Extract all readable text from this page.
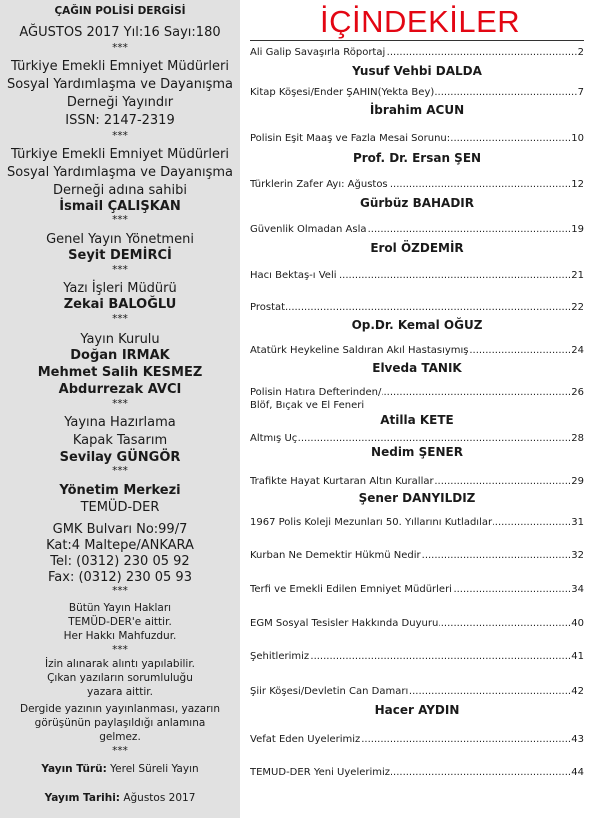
ÇAĞIN POLİSİ DERGİSİ
AĞUSTOS 2017 Yıl:16 Sayı:180
***
Türkiye Emekli Emniyet Müdürleri
Sosyal Yardımlaşma ve Dayanışma
Derneği Yayındır
ISSN: 2147-2319
***
Türkiye Emekli Emniyet Müdürleri
Sosyal Yardımlaşma ve Dayanışma
Derneği adına sahibi
İsmail ÇALIŞKAN
***
Genel Yayın Yönetmeni
Seyit DEMİRCİ
***
Yazı İşleri Müdürü
Zekai BALOĞLU
***
Yayın Kurulu
Doğan IRMAK
Mehmet Salih KESMEZ
Abdurrezak AVCI
***
Yayına Hazırlama
Kapak Tasarım
Sevilay GÜNGÖR
***
Yönetim Merkezi
TEMÜD-DER
GMK Bulvarı No:99/7
Kat:4 Maltepe/ANKARA
Tel: (0312) 230 05 92
Fax: (0312) 230 05 93
***
Bütün Yayın Hakları
TEMÜD-DER'e aittir.
Her Hakkı Mahfuzdur.
***
İzin alınarak alıntı yapılabilir.
Çıkan yazıların sorumluluğu
yazara aittir.
Dergide yazının yayınlanması, yazarın
görüşünün paylaşıldığı anlamına
gelmez.
***
Yayın Türü: Yerel Süreli Yayın
Yayım Tarihi: Ağustos 2017
İÇİNDEKİLER
Ali Galip Savaşırla Röportaj	2
.....
Yusuf Vehbi DALDA
Kitap Köşesi/Ender ŞAHİN(Yekta Bey)	7
.....
İbrahim ACUN
Polisin Eşit Maaş ve Fazla Mesai Sorunu:	10
.....
Prof. Dr. Ersan ŞEN
Türklerin Zafer Ayı: Ağustos	12
.....
Gürbüz BAHADIR
Güvenlik Olmadan Asla	19
.....
Erol ÖZDEMİR
Hacı Bektaş-ı Veli	21
.....
Prostat	22
.....
Op.Dr. Kemal OĞUZ
Atatürk Heykeline Saldıran Akıl Hastasıymış	24
.....
Elveda TANIK
Polisin Hatıra Defterinden/	26
.....
Blöf, Bıçak ve El Feneri
Atilla KETE
Altmış Üç	28
.....
Nedim ŞENER
Trafikte Hayat Kurtaran Altın Kurallar	29
.....
Şener DANYILDIZ
1967 Polis Koleji Mezunları 50. Yıllarını Kutladılar	31
.....
Kurban Ne Demektir Hükmü Nedir	32
.....
Terfi ve Emekli Edilen Emniyet Müdürleri	34
.....
EGM Sosyal Tesisler Hakkında Duyuru	40
.....
Şehitlerimiz	41
.....
Şiir Köşesi/Devletin Can Damarı	42
.....
Hacer AYDIN
Vefat Eden Üyelerimiz	43
.....
TEMÜD-DER Yeni Üyelerimiz	44
.....
